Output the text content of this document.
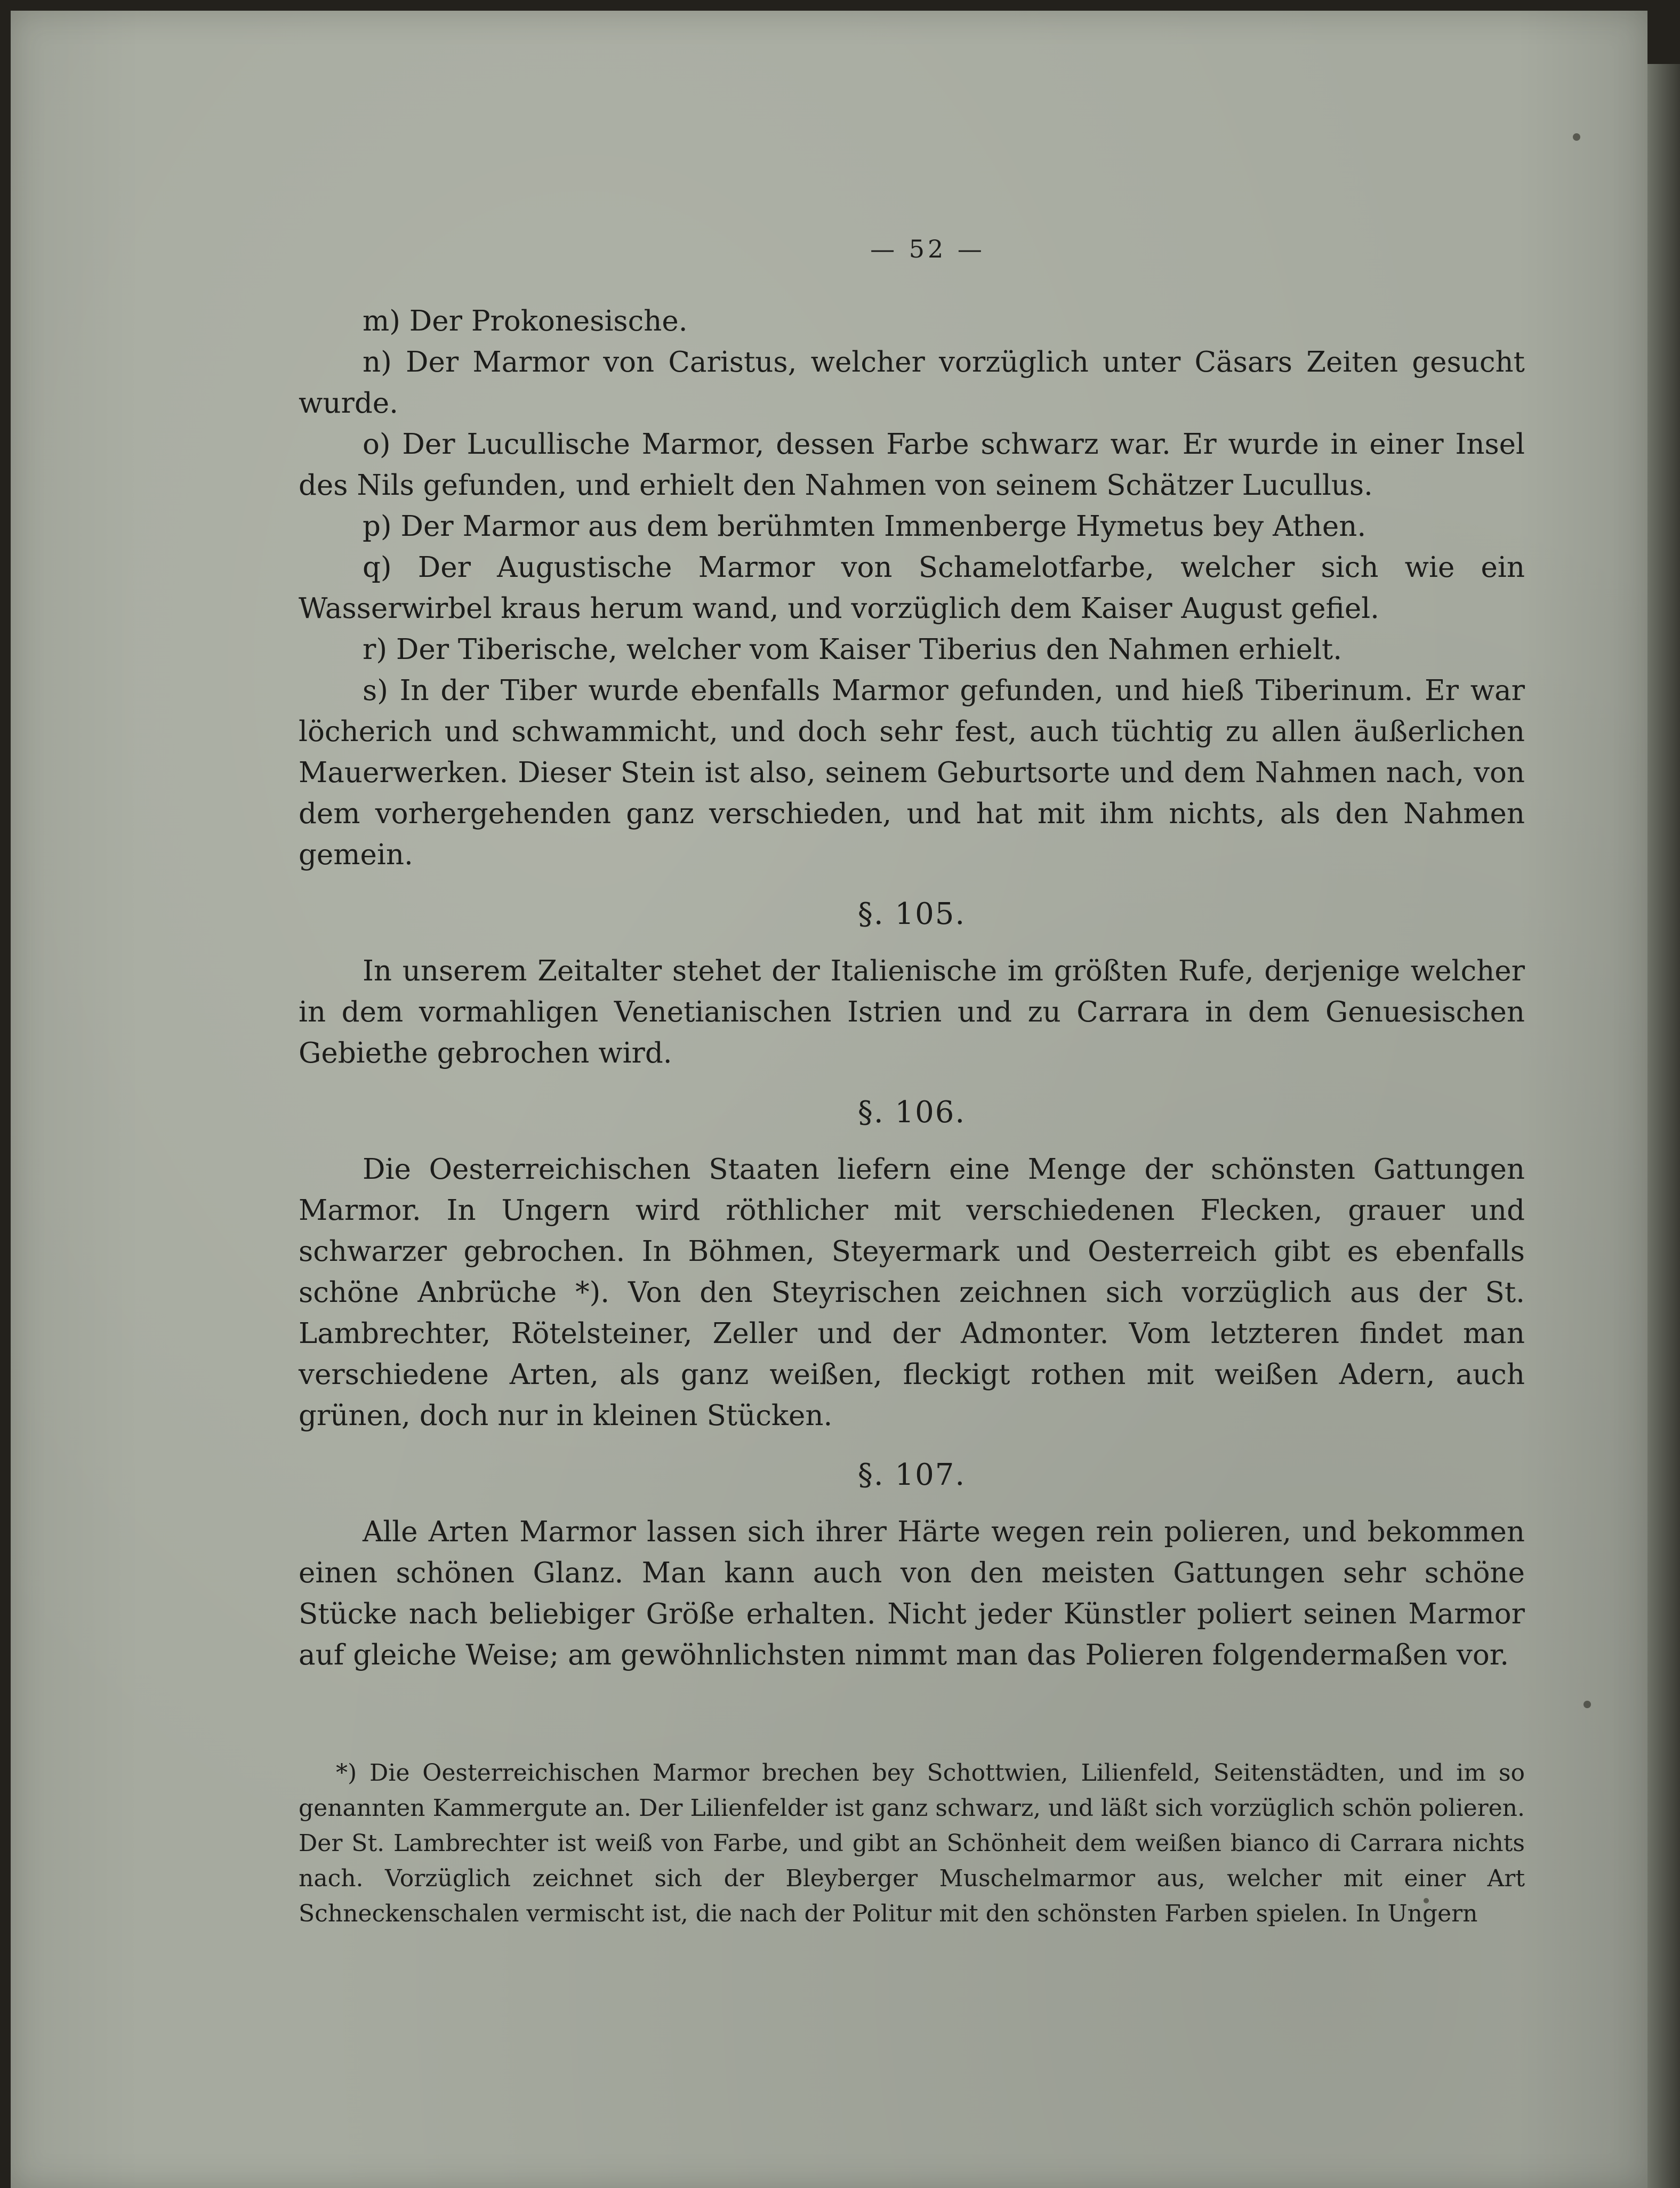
— 52 —

m) Der Prokonesische.

n) Der Marmor von Caristus, welcher vorzüglich unter Cäsars Zeiten gesucht wurde.

o) Der Lucullische Marmor, dessen Farbe schwarz war. Er wurde in einer Insel des Nils gefunden, und erhielt den Nahmen von seinem Schätzer Lucullus.

p) Der Marmor aus dem berühmten Immenberge Hymetus bey Athen.

q) Der Augustische Marmor von Schamelotfarbe, welcher sich wie ein Wasserwirbel kraus herum wand, und vorzüglich dem Kaiser August gefiel.

r) Der Tiberische, welcher vom Kaiser Tiberius den Nahmen erhielt.

s) In der Tiber wurde ebenfalls Marmor gefunden, und hieß Tiberinum. Er war löcherich und schwammicht, und doch sehr fest, auch tüchtig zu allen äußerlichen Mauerwerken. Dieser Stein ist also, seinem Geburtsorte und dem Nahmen nach, von dem vorhergehenden ganz verschieden, und hat mit ihm nichts, als den Nahmen gemein.

§. 105.

In unserem Zeitalter stehet der Italienische im größten Rufe, derjenige welcher in dem vormahligen Venetianischen Istrien und zu Carrara in dem Genuesischen Gebiethe gebrochen wird.

§. 106.

Die Oesterreichischen Staaten liefern eine Menge der schönsten Gattungen Marmor. In Ungern wird röthlicher mit verschiedenen Flecken, grauer und schwarzer gebrochen. In Böhmen, Steyermark und Oesterreich gibt es ebenfalls schöne Anbrüche *). Von den Steyrischen zeichnen sich vorzüglich aus der St. Lambrechter, Rötelsteiner, Zeller und der Admonter. Vom letzteren findet man verschiedene Arten, als ganz weißen, fleckigt rothen mit weißen Adern, auch grünen, doch nur in kleinen Stücken.

§. 107.

Alle Arten Marmor lassen sich ihrer Härte wegen rein polieren, und bekommen einen schönen Glanz. Man kann auch von den meisten Gattungen sehr schöne Stücke nach beliebiger Größe erhalten. Nicht jeder Künstler poliert seinen Marmor auf gleiche Weise; am gewöhnlichsten nimmt man das Polieren folgendermaßen vor.

*) Die Oesterreichischen Marmor brechen bey Schottwien, Lilienfeld, Seitenstädten, und im so genannten Kammergute an. Der Lilienfelder ist ganz schwarz, und läßt sich vorzüglich schön polieren. Der St. Lambrechter ist weiß von Farbe, und gibt an Schönheit dem weißen bianco di Carrara nichts nach. Vorzüglich zeichnet sich der Bleyberger Muschelmarmor aus, welcher mit einer Art Schneckenschalen vermischt ist, die nach der Politur mit den schönsten Farben spielen. In Ungern
